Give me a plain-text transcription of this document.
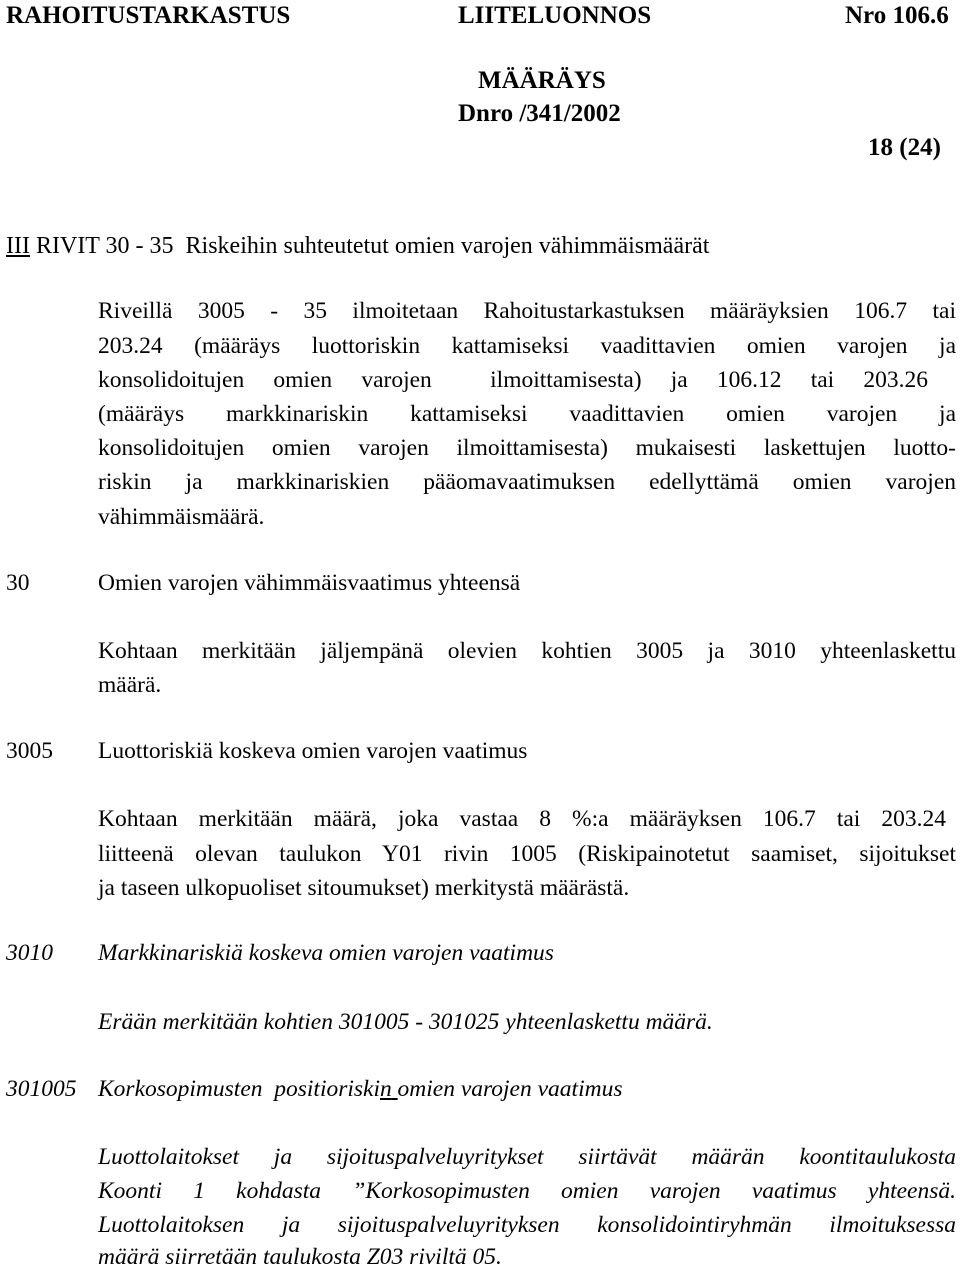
RAHOITUSTARKASTUS	LIITELUONNOS	Nro 106.6
MÄÄRÄYS
Dnro /341/2002
18 (24)
III RIVIT 30 - 35  Riskeihin suhteutetut omien varojen vähimmäismäärät
Riveillä 3005 - 35 ilmoitetaan Rahoitustarkastuksen määräyksien 106.7 tai
203.24 (määräys luottoriskin kattamiseksi vaadittavien omien varojen ja
konsolidoitujen omien varojen  ilmoittamisesta) ja 106.12 tai 203.26
(määräys markkinariskin kattamiseksi vaadittavien omien varojen ja
konsolidoitujen omien varojen ilmoittamisesta) mukaisesti laskettujen luotto-
riskin ja markkinariskien pääomavaatimuksen edellyttämä omien varojen
vähimmäismäärä.
30	Omien varojen vähimmäisvaatimus yhteensä
Kohtaan merkitään jäljempänä olevien kohtien 3005 ja 3010 yhteenlaskettu
määrä.
3005 Luottoriskiä koskeva omien varojen vaatimus
Kohtaan merkitään määrä, joka vastaa 8 %:a määräyksen 106.7 tai 203.24
liitteenä olevan taulukon Y01 rivin 1005 (Riskipainotetut saamiset, sijoitukset
ja taseen ulkopuoliset sitoumukset) merkitystä määrästä.
3010 Markkinariskiä koskeva omien varojen vaatimus
Erään merkitään kohtien 301005 - 301025 yhteenlaskettu määrä.
301005 Korkosopimusten  positioriskin  omien varojen vaatimus
Luottolaitokset ja sijoituspalveluyritykset siirtävät määrän koontitaulukosta
Koonti 1 kohdasta ”Korkosopimusten omien varojen vaatimus yhteensä.
Luottolaitoksen ja sijoituspalveluyrityksen konsolidointiryhmän ilmoituksessa
määrä siirretään taulukosta Z03 riviltä 05.
